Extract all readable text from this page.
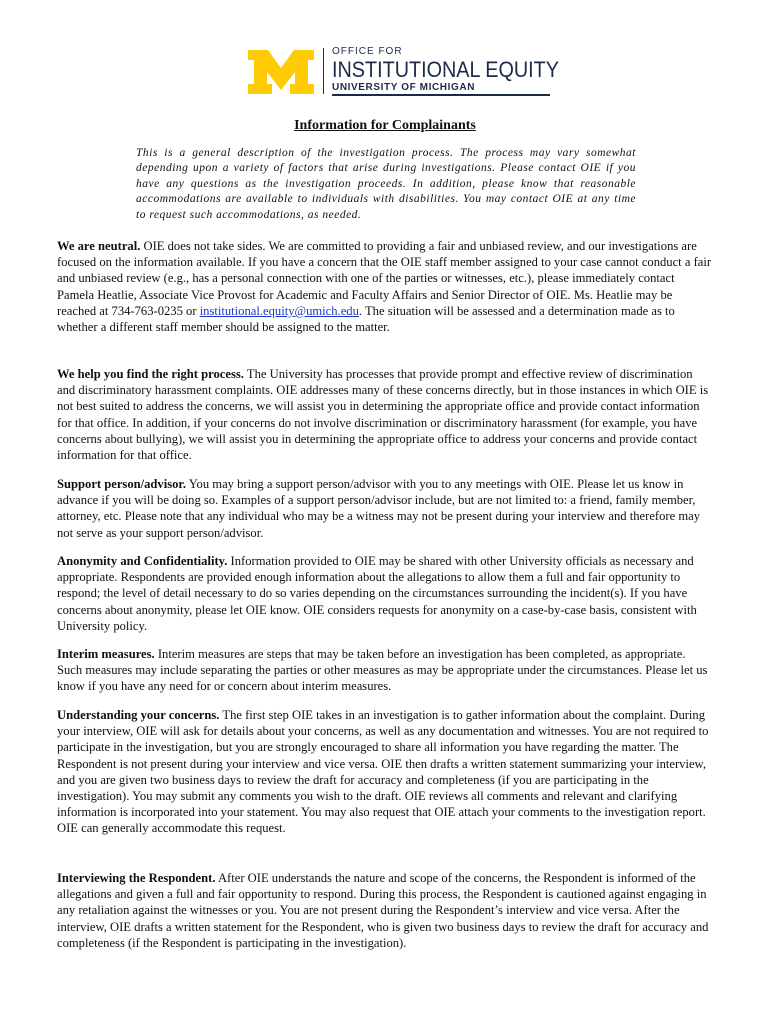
OFFICE FOR
INSTITUTIONAL EQUITY
UNIVERSITY OF MICHIGAN
Information for Complainants
This is a general description of the investigation process. The process may vary somewhat depending upon a variety of factors that arise during investigations. Please contact OIE if you have any questions as the investigation proceeds. In addition, please know that reasonable accommodations are available to individuals with disabilities. You may contact OIE at any time to request such accommodations, as needed.

We are neutral. OIE does not take sides. We are committed to providing a fair and unbiased review, and our investigations are focused on the information available. If you have a concern that the OIE staff member assigned to your case cannot conduct a fair and unbiased review (e.g., has a personal connection with one of the parties or witnesses, etc.), please immediately contact Pamela Heatlie, Associate Vice Provost for Academic and Faculty Affairs and Senior Director of OIE. Ms. Heatlie may be reached at 734-763-0235 or institutional.equity@umich.edu. The situation will be assessed and a determination made as to whether a different staff member should be assigned to the matter.

We help you find the right process. The University has processes that provide prompt and effective review of discrimination and discriminatory harassment complaints. OIE addresses many of these concerns directly, but in those instances in which OIE is not best suited to address the concerns, we will assist you in determining the appropriate office and provide contact information for that office. In addition, if your concerns do not involve discrimination or discriminatory harassment (for example, you have concerns about bullying), we will assist you in determining the appropriate office to address your concerns and provide contact information for that office.

Support person/advisor. You may bring a support person/advisor with you to any meetings with OIE. Please let us know in advance if you will be doing so. Examples of a support person/advisor include, but are not limited to: a friend, family member, attorney, etc. Please note that any individual who may be a witness may not be present during your interview and therefore may not serve as your support person/advisor.

Anonymity and Confidentiality. Information provided to OIE may be shared with other University officials as necessary and appropriate. Respondents are provided enough information about the allegations to allow them a full and fair opportunity to respond; the level of detail necessary to do so varies depending on the circumstances surrounding the incident(s). If you have concerns about anonymity, please let OIE know. OIE considers requests for anonymity on a case-by-case basis, consistent with University policy.

Interim measures. Interim measures are steps that may be taken before an investigation has been completed, as appropriate. Such measures may include separating the parties or other measures as may be appropriate under the circumstances. Please let us know if you have any need for or concern about interim measures.

Understanding your concerns. The first step OIE takes in an investigation is to gather information about the complaint. During your interview, OIE will ask for details about your concerns, as well as any documentation and witnesses. You are not required to participate in the investigation, but you are strongly encouraged to share all information you have regarding the matter. The Respondent is not present during your interview and vice versa. OIE then drafts a written statement summarizing your interview, and you are given two business days to review the draft for accuracy and completeness (if you are participating in the investigation). You may submit any comments you wish to the draft. OIE reviews all comments and relevant and clarifying information is incorporated into your statement. You may also request that OIE attach your comments to the investigation report. OIE can generally accommodate this request.

Interviewing the Respondent. After OIE understands the nature and scope of the concerns, the Respondent is informed of the allegations and given a full and fair opportunity to respond. During this process, the Respondent is cautioned against engaging in any retaliation against the witnesses or you. You are not present during the Respondent’s interview and vice versa. After the interview, OIE drafts a written statement for the Respondent, who is given two business days to review the draft for accuracy and completeness (if the Respondent is participating in the investigation).
